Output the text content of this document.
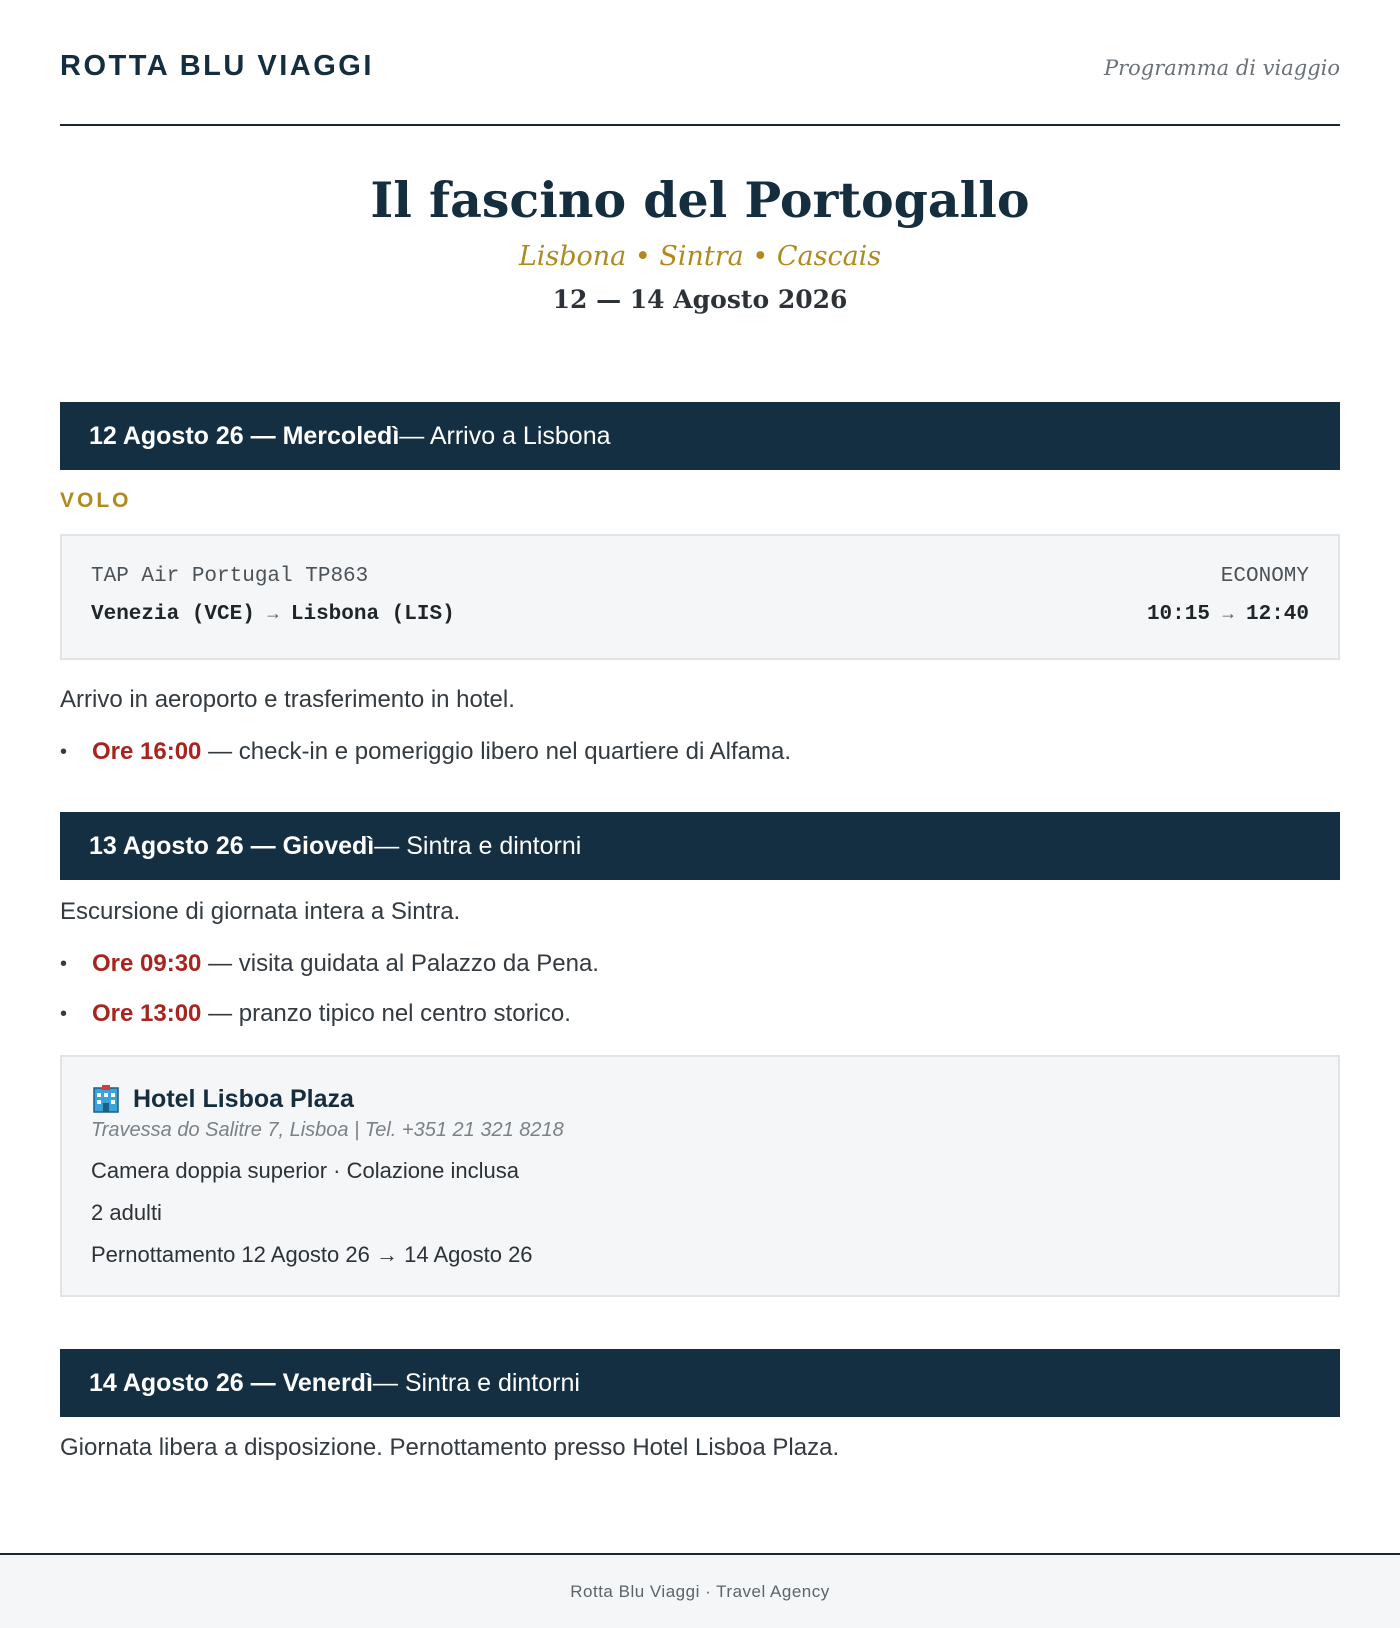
ROTTA BLU VIAGGI	Programma di viaggio
Il fascino del Portogallo
Lisbona • Sintra • Cascais
12 — 14 Agosto 2026
12 Agosto 26 — Mercoledì — Arrivo a Lisbona
VOLO
TAP Air Portugal TP863	ECONOMY
Venezia (VCE) → Lisbona (LIS)	10:15 → 12:40
Arrivo in aeroporto e trasferimento in hotel.
• Ore 16:00 — check-in e pomeriggio libero nel quartiere di Alfama.
13 Agosto 26 — Giovedì — Sintra e dintorni
Escursione di giornata intera a Sintra.
• Ore 09:30 — visita guidata al Palazzo da Pena.
• Ore 13:00 — pranzo tipico nel centro storico.
Hotel Lisboa Plaza
Travessa do Salitre 7, Lisboa | Tel. +351 21 321 8218
Camera doppia superior · Colazione inclusa
2 adulti
Pernottamento 12 Agosto 26 → 14 Agosto 26
14 Agosto 26 — Venerdì — Sintra e dintorni
Giornata libera a disposizione. Pernottamento presso Hotel Lisboa Plaza.
Rotta Blu Viaggi · Travel Agency
